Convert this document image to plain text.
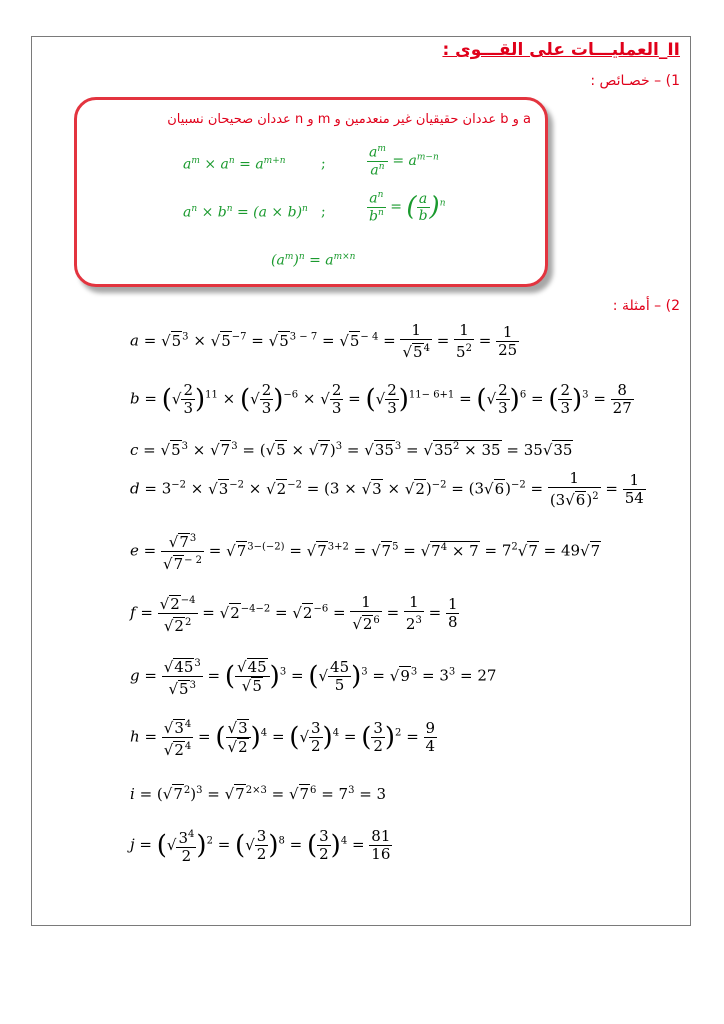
II_العمليـــات على القـــوى :
1) – خصـائص :
a و b عددان حقيقيان غير منعدمين و m و n عددان صحيحان نسبيان
$a^m \times a^n = a^{m+n}$	;	$\frac{a^m}{a^n} = a^{m-n}$
$a^n \times b^n = (a \times b)^n$ ;	$\frac{a^n}{b^n}$ = ( $\frac{a}{b} )^n$
$(a^m)^n = a^{m\times n}$
2) – أمثلة :
a = √ $5^3$ × √ $5^{-7}$ = √ $5^{3 - 7}$ = √ $5^{- 4} = 1$
√ $5^4 = \frac{1}{5^2} = \frac{1}{25}$
b = (√ $\frac{2}{3} )^{11}$ × (√ $\frac{2}{3} )^{-6}$ × √ $\frac{2}{3}$ = (√ $\frac{2}{3} )^{11- 6+1}$ = (√ $\frac{2}{3} )^6$ = ( $\frac{2}{3} )^3 = \frac{8}{27}$
c = √ $5^3$ × √ $7^3$ = (√ 5 × √ 7)$^3$ = √ $35^3$ = √ $35^2 \times 35 = 35√$ 35
$d = 3^{-2}$ × √ $3^{-2}$ × √ $2^{-2} = (3$ × √ 3 × √ 2)$^{-2}$ = (3√ $6)^{-2} = \frac{1}{(3√ 6)^2} = \frac{1}{54}$
e =
√ $7^3$
√ $7^{- 2}$ = √ $7^{3-(-2)}$ = √ $7^{3+2}$ = √ $7^5$ = √ $7^4 \times 7 = 7^2√$ 7 = 49√ 7
f =
√ $2^{-4}$
√ $2^2$ = √ $2^{-4-2}$ = √ $2^{-6} = 1$
√ $2^6 = \frac{1}{2^3} = \frac{1}{8}$
g =
√ $45^3$
√ $5^3$ = (
√ 45
√ 5 )$^3$ = (√ $\frac{45}{5} )^3$ = √ $9^3 = 3^3 = 27$
h =
√ $3^4$
√ $2^4$ = (
√ 3
√ 2 )$^4$ = (√ $\frac{3}{2} )^4$ = ( $\frac{3}{2} )^2 = \frac{9}{4}$
i = (√ $7^2)^3$ = √ $7^{2\times 3}$ = √ $7^6 = 7^3 = 3$
j = (√ $\frac{3^4}{2} )^2$ = (√ $\frac{3}{2} )^8$ = ( $\frac{3}{2} )^4 = \frac{81}{16}$
